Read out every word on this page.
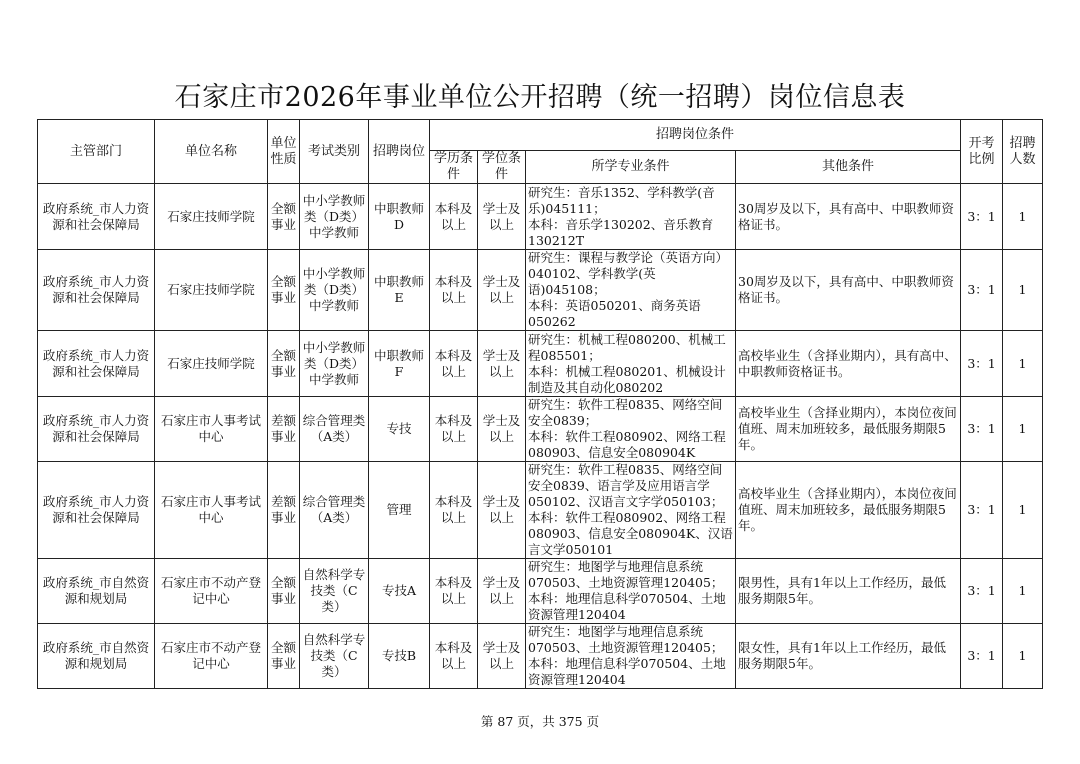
石家庄市2026年事业单位公开招聘（统一招聘）岗位信息表
主管部门	单位名称	单位性质	考试类别	招聘岗位	招聘岗位条件				开考比例	招聘人数
					学历条件	学位条件	所学专业条件	其他条件		
政府系统_市人力资源和社会保障局	石家庄技师学院	全额事业	中小学教师类（D类）中学教师	中职教师D	本科及以上	学士及以上	研究生：音乐1352、学科教学(音乐)045111；
本科：音乐学130202、音乐教育130212T	30周岁及以下，具有高中、中职教师资格证书。	3：1	1
政府系统_市人力资源和社会保障局	石家庄技师学院	全额事业	中小学教师类（D类）中学教师	中职教师E	本科及以上	学士及以上	研究生：课程与教学论（英语方向）040102、学科教学(英语)045108；
本科：英语050201、商务英语050262	30周岁及以下，具有高中、中职教师资格证书。	3：1	1
政府系统_市人力资源和社会保障局	石家庄技师学院	全额事业	中小学教师类（D类）中学教师	中职教师F	本科及以上	学士及以上	研究生：机械工程080200、机械工程085501；
本科：机械工程080201、机械设计制造及其自动化080202	高校毕业生（含择业期内），具有高中、中职教师资格证书。	3：1	1
政府系统_市人力资源和社会保障局	石家庄市人事考试中心	差额事业	综合管理类（A类）	专技	本科及以上	学士及以上	研究生：软件工程0835、网络空间安全0839；
本科：软件工程080902、网络工程080903、信息安全080904K	高校毕业生（含择业期内），本岗位夜间值班、周末加班较多，最低服务期限5年。	3：1	1
政府系统_市人力资源和社会保障局	石家庄市人事考试中心	差额事业	综合管理类（A类）	管理	本科及以上	学士及以上	研究生：软件工程0835、网络空间安全0839、语言学及应用语言学050102、汉语言文字学050103；
本科：软件工程080902、网络工程080903、信息安全080904K、汉语言文学050101	高校毕业生（含择业期内），本岗位夜间值班、周末加班较多，最低服务期限5年。	3：1	1
政府系统_市自然资源和规划局	石家庄市不动产登记中心	全额事业	自然科学专技类（C类）	专技A	本科及以上	学士及以上	研究生：地图学与地理信息系统070503、土地资源管理120405；
本科：地理信息科学070504、土地资源管理120404	限男性，具有1年以上工作经历，最低服务期限5年。	3：1	1
政府系统_市自然资源和规划局	石家庄市不动产登记中心	全额事业	自然科学专技类（C类）	专技B	本科及以上	学士及以上	研究生：地图学与地理信息系统070503、土地资源管理120405；
本科：地理信息科学070504、土地资源管理120404	限女性，具有1年以上工作经历，最低服务期限5年。	3：1	1
第 87 页，共 375 页
